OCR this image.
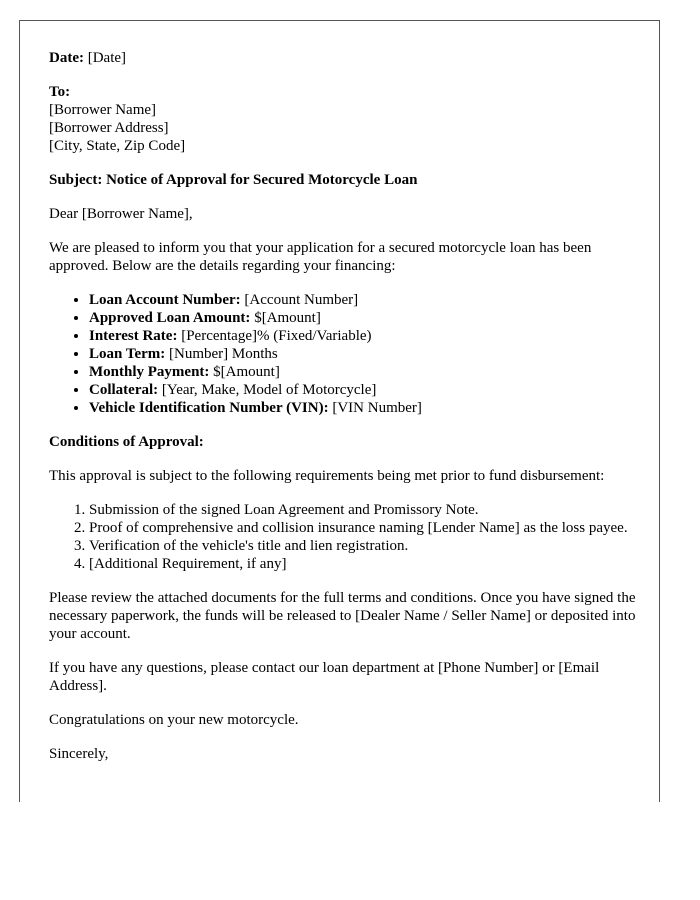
Date: [Date]

To:
[Borrower Name]
[Borrower Address]
[City, State, Zip Code]

Subject: Notice of Approval for Secured Motorcycle Loan

Dear [Borrower Name],

We are pleased to inform you that your application for a secured motorcycle loan has been approved. Below are the details regarding your financing:

• Loan Account Number: [Account Number]
• Approved Loan Amount: $[Amount]
• Interest Rate: [Percentage]% (Fixed/Variable)
• Loan Term: [Number] Months
• Monthly Payment: $[Amount]
• Collateral: [Year, Make, Model of Motorcycle]
• Vehicle Identification Number (VIN): [VIN Number]

Conditions of Approval:

This approval is subject to the following requirements being met prior to fund disbursement:

1. Submission of the signed Loan Agreement and Promissory Note.
2. Proof of comprehensive and collision insurance naming [Lender Name] as the loss payee.
3. Verification of the vehicle's title and lien registration.
4. [Additional Requirement, if any]

Please review the attached documents for the full terms and conditions. Once you have signed the necessary paperwork, the funds will be released to [Dealer Name / Seller Name] or deposited into your account.

If you have any questions, please contact our loan department at [Phone Number] or [Email Address].

Congratulations on your new motorcycle.

Sincerely,
